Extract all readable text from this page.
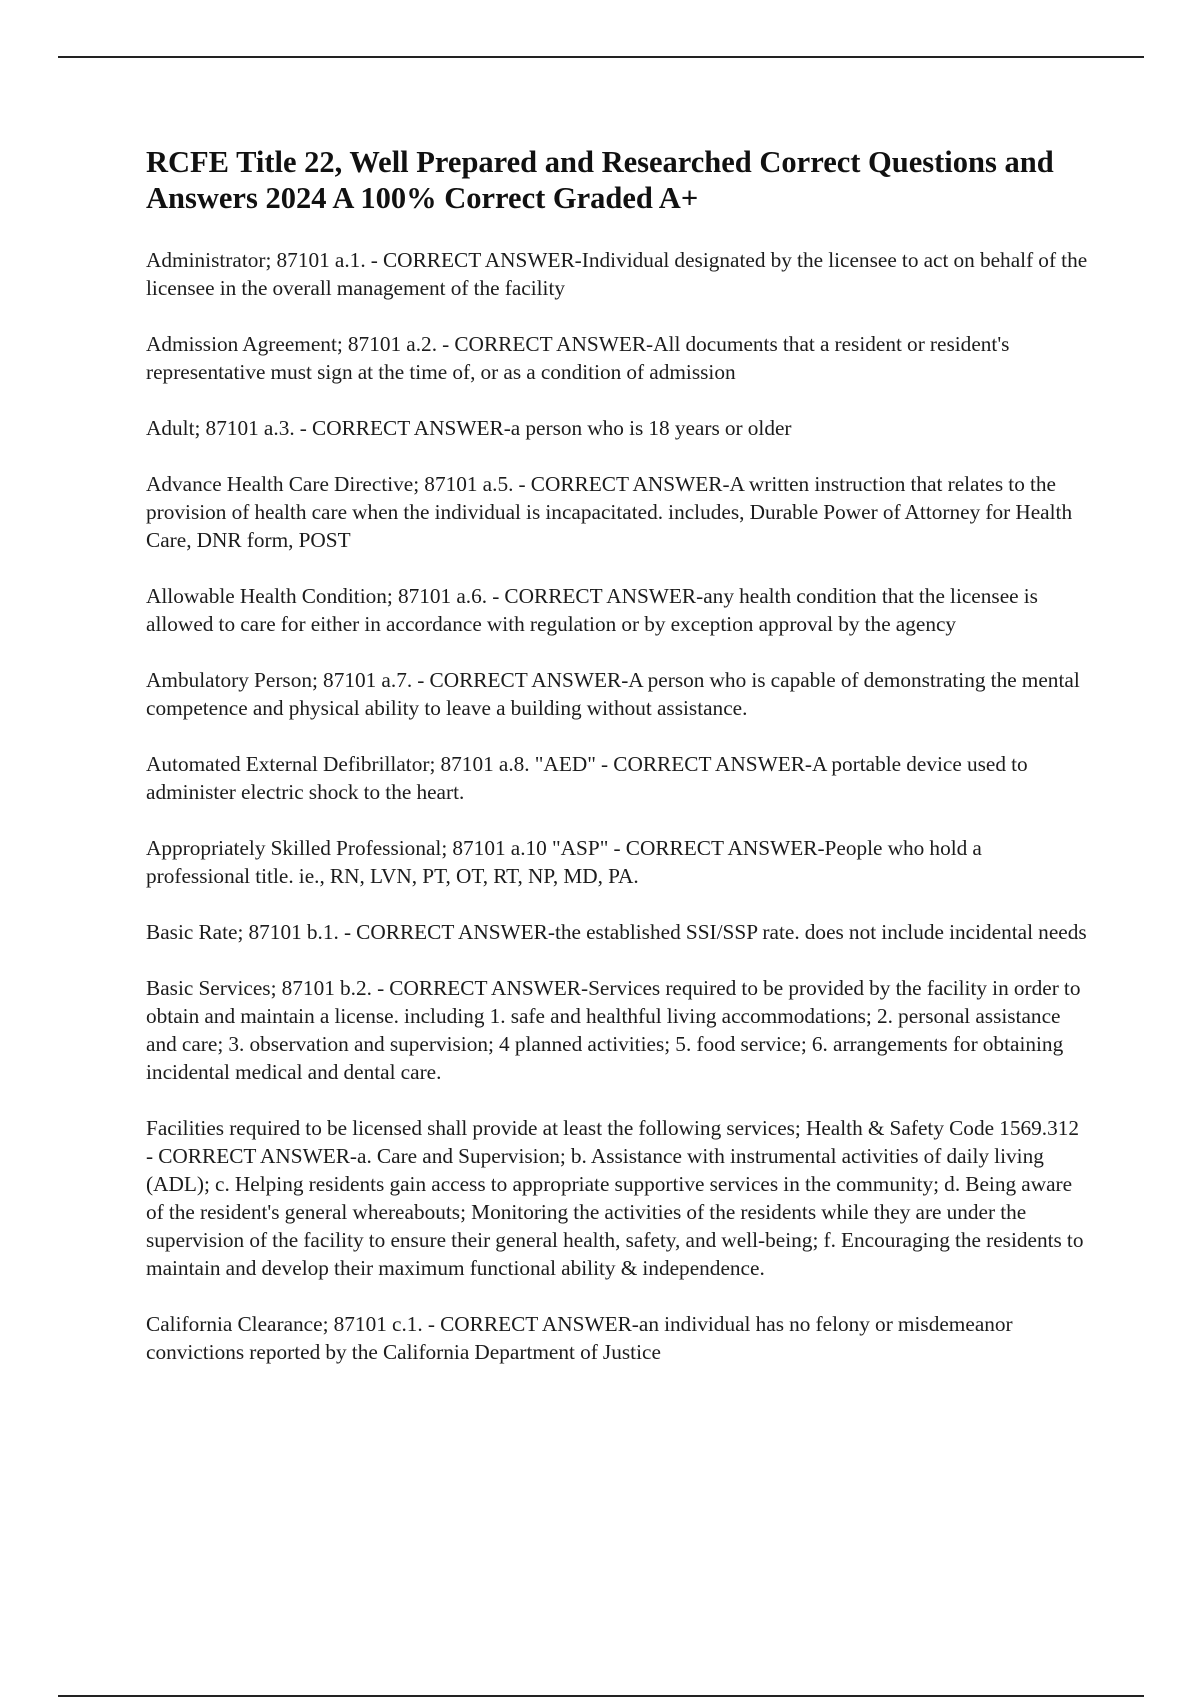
RCFE Title 22, Well Prepared and Researched Correct Questions and Answers 2024 A 100% Correct Graded A+

Administrator; 87101 a.1. - CORRECT ANSWER-Individual designated by the licensee to act on behalf of the licensee in the overall management of the facility

Admission Agreement; 87101 a.2. - CORRECT ANSWER-All documents that a resident or resident's representative must sign at the time of, or as a condition of admission

Adult; 87101 a.3. - CORRECT ANSWER-a person who is 18 years or older

Advance Health Care Directive; 87101 a.5. - CORRECT ANSWER-A written instruction that relates to the provision of health care when the individual is incapacitated. includes, Durable Power of Attorney for Health Care, DNR form, POST

Allowable Health Condition; 87101 a.6. - CORRECT ANSWER-any health condition that the licensee is allowed to care for either in accordance with regulation or by exception approval by the agency

Ambulatory Person; 87101 a.7. - CORRECT ANSWER-A person who is capable of demonstrating the mental competence and physical ability to leave a building without assistance.

Automated External Defibrillator; 87101 a.8. "AED" - CORRECT ANSWER-A portable device used to administer electric shock to the heart.

Appropriately Skilled Professional; 87101 a.10 "ASP" - CORRECT ANSWER-People who hold a professional title. ie., RN, LVN, PT, OT, RT, NP, MD, PA.

Basic Rate; 87101 b.1. - CORRECT ANSWER-the established SSI/SSP rate. does not include incidental needs

Basic Services; 87101 b.2. - CORRECT ANSWER-Services required to be provided by the facility in order to obtain and maintain a license. including 1. safe and healthful living accommodations; 2. personal assistance and care; 3. observation and supervision; 4 planned activities; 5. food service; 6. arrangements for obtaining incidental medical and dental care.

Facilities required to be licensed shall provide at least the following services; Health & Safety Code 1569.312 - CORRECT ANSWER-a. Care and Supervision; b. Assistance with instrumental activities of daily living (ADL); c. Helping residents gain access to appropriate supportive services in the community; d. Being aware of the resident's general whereabouts; Monitoring the activities of the residents while they are under the supervision of the facility to ensure their general health, safety, and well-being; f. Encouraging the residents to maintain and develop their maximum functional ability & independence.

California Clearance; 87101 c.1. - CORRECT ANSWER-an individual has no felony or misdemeanor convictions reported by the California Department of Justice
